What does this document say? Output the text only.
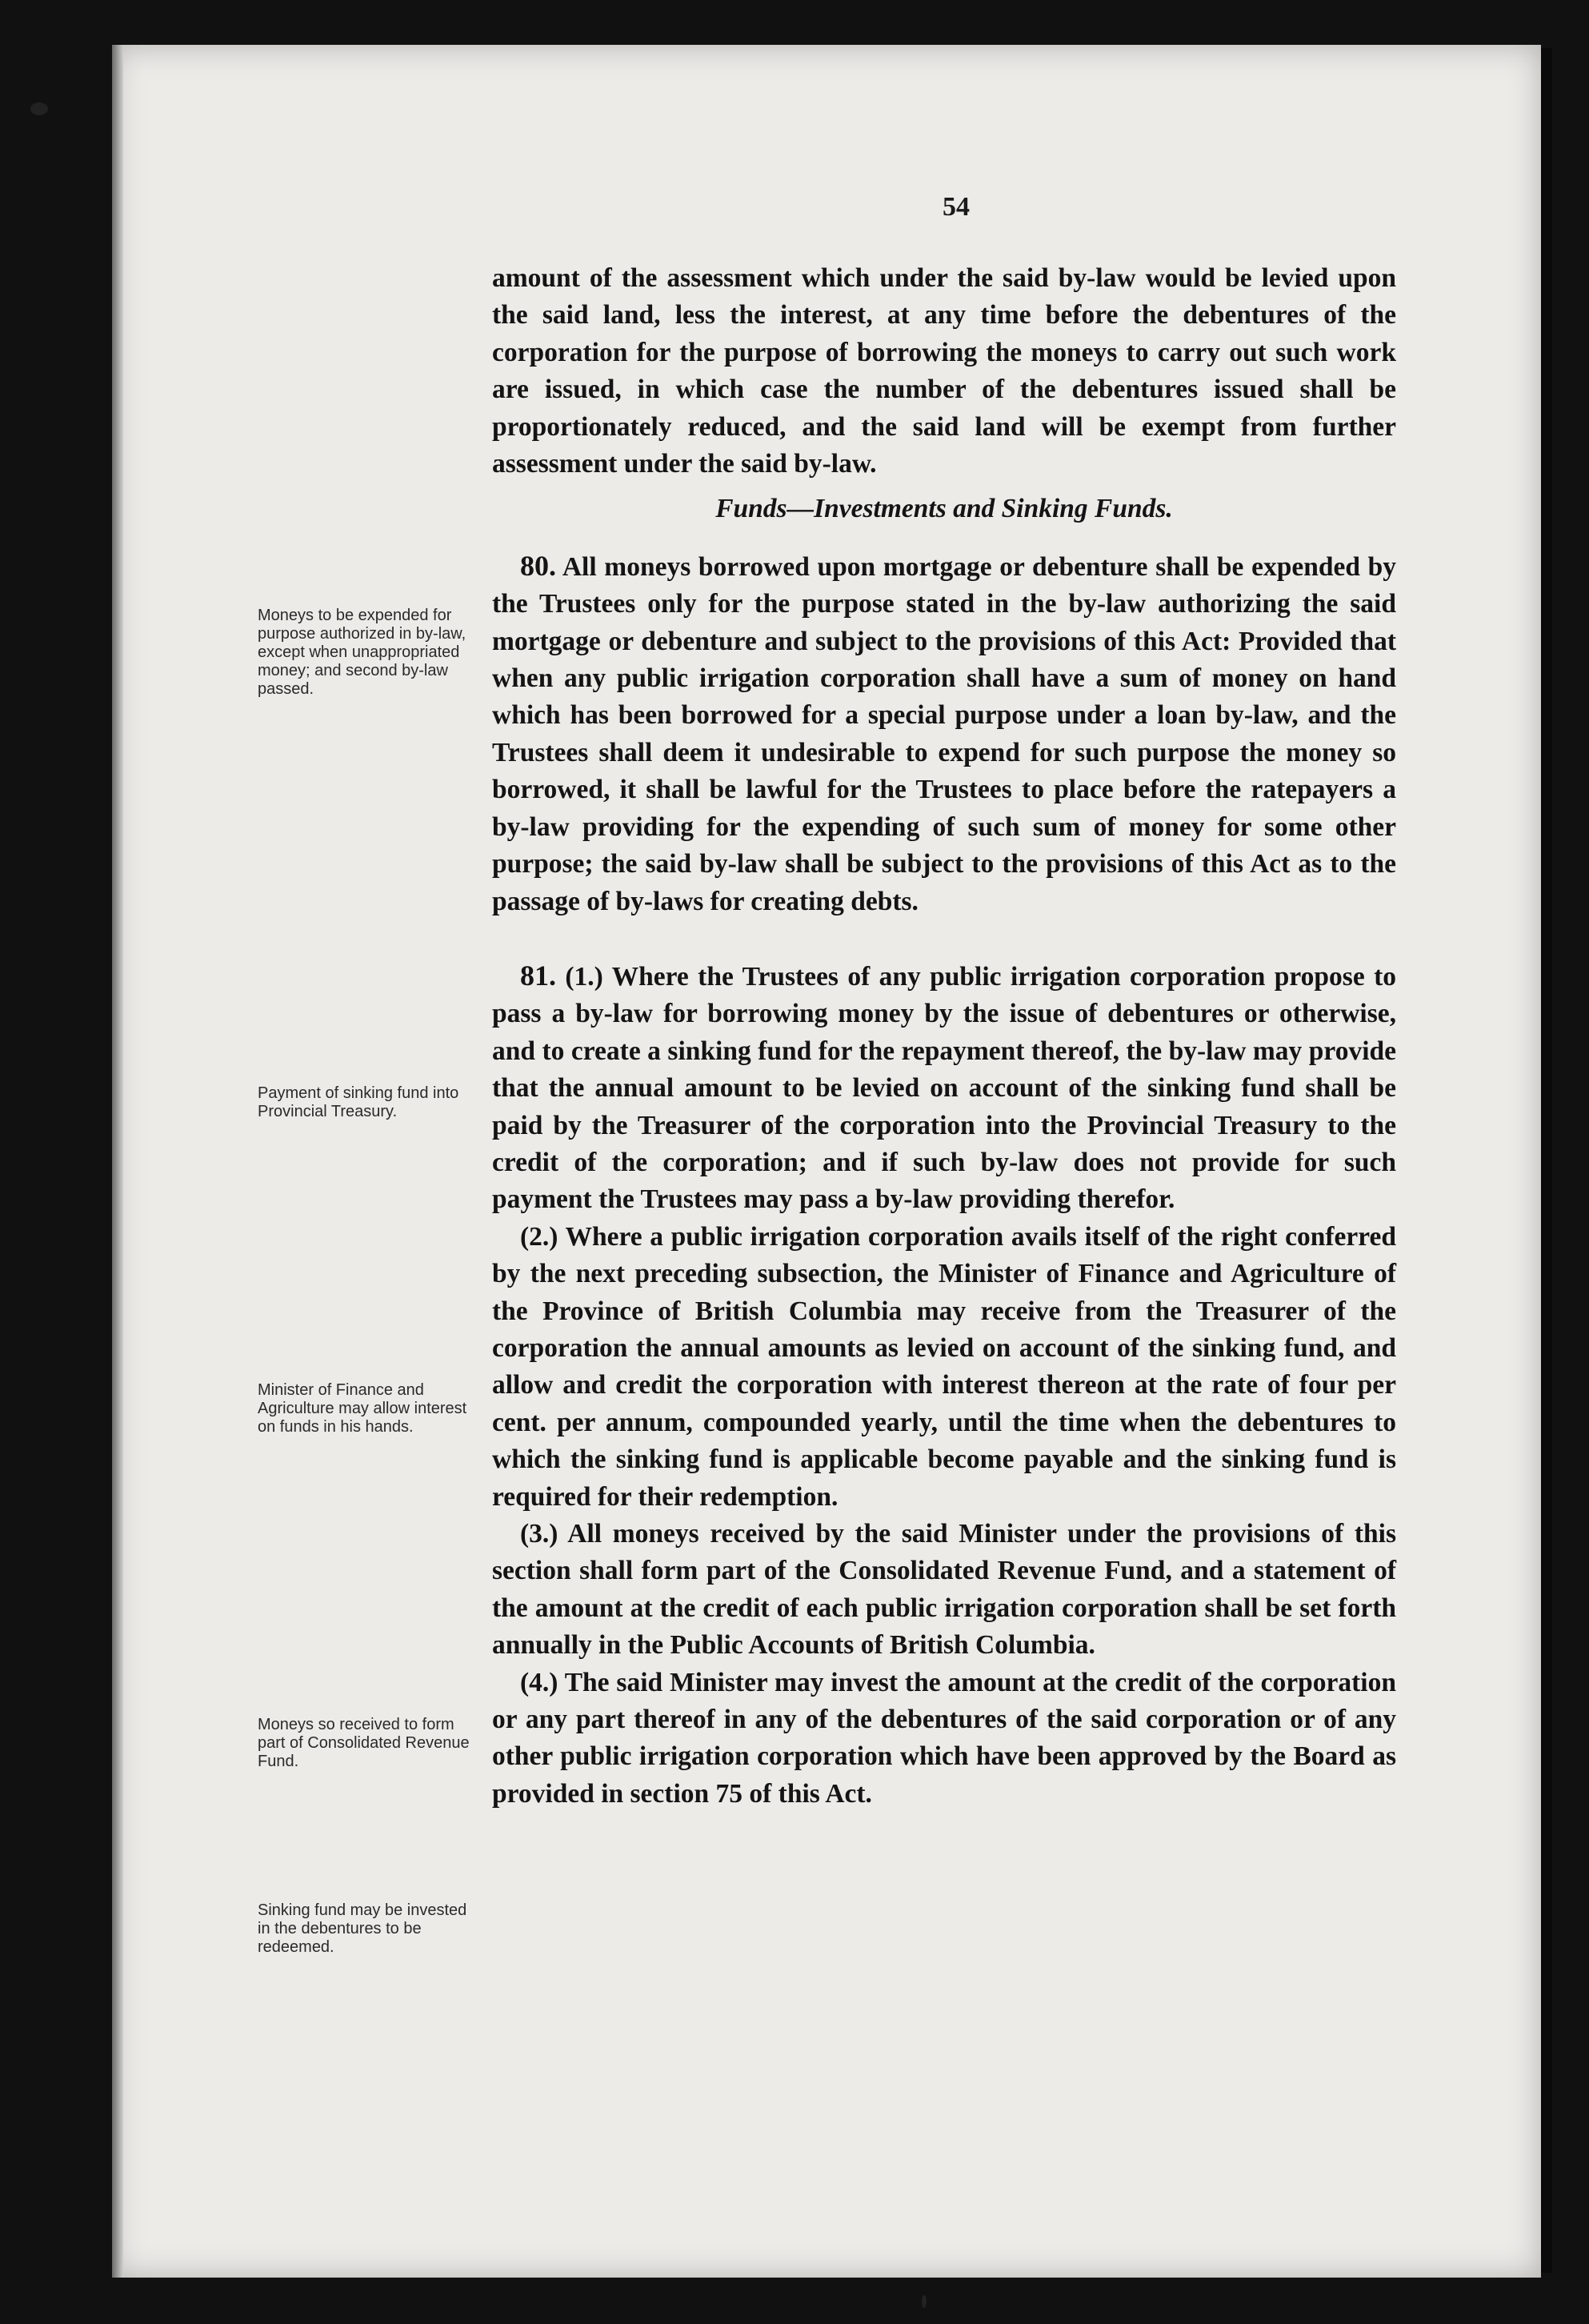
54
Moneys to be expended for purpose authorized in by-law, except when unappropriated money; and second by-law passed.
Payment of sinking fund into Provincial Treasury.
Minister of Finance and Agriculture may allow interest on funds in his hands.
Moneys so received to form part of Consolidated Revenue Fund.
Sinking fund may be invested in the debentures to be redeemed.

amount of the assessment which under the said by-law would be levied upon the said land, less the interest, at any time before the debentures of the corporation for the purpose of borrowing the moneys to carry out such work are issued, in which case the number of the debentures issued shall be proportionately reduced, and the said land will be exempt from further assessment under the said by-law.

Funds—Investments and Sinking Funds.

80. All moneys borrowed upon mortgage or debenture shall be expended by the Trustees only for the purpose stated in the by-law authorizing the said mortgage or debenture and subject to the provisions of this Act: Provided that when any public irrigation corporation shall have a sum of money on hand which has been borrowed for a special purpose under a loan by-law, and the Trustees shall deem it undesirable to expend for such purpose the money so borrowed, it shall be lawful for the Trustees to place before the ratepayers a by-law providing for the expending of such sum of money for some other purpose; the said by-law shall be subject to the provisions of this Act as to the passage of by-laws for creating debts.

81. (1.) Where the Trustees of any public irrigation corporation propose to pass a by-law for borrowing money by the issue of debentures or otherwise, and to create a sinking fund for the repayment thereof, the by-law may provide that the annual amount to be levied on account of the sinking fund shall be paid by the Treasurer of the corporation into the Provincial Treasury to the credit of the corporation; and if such by-law does not provide for such payment the Trustees may pass a by-law providing therefor.

(2.) Where a public irrigation corporation avails itself of the right conferred by the next preceding subsection, the Minister of Finance and Agriculture of the Province of British Columbia may receive from the Treasurer of the corporation the annual amounts as levied on account of the sinking fund, and allow and credit the corporation with interest thereon at the rate of four per cent. per annum, compounded yearly, until the time when the debentures to which the sinking fund is applicable become payable and the sinking fund is required for their redemption.

(3.) All moneys received by the said Minister under the provisions of this section shall form part of the Consolidated Revenue Fund, and a statement of the amount at the credit of each public irrigation corporation shall be set forth annually in the Public Accounts of British Columbia.

(4.) The said Minister may invest the amount at the credit of the corporation or any part thereof in any of the debentures of the said corporation or of any other public irrigation corporation which have been approved by the Board as provided in section 75 of this Act.
